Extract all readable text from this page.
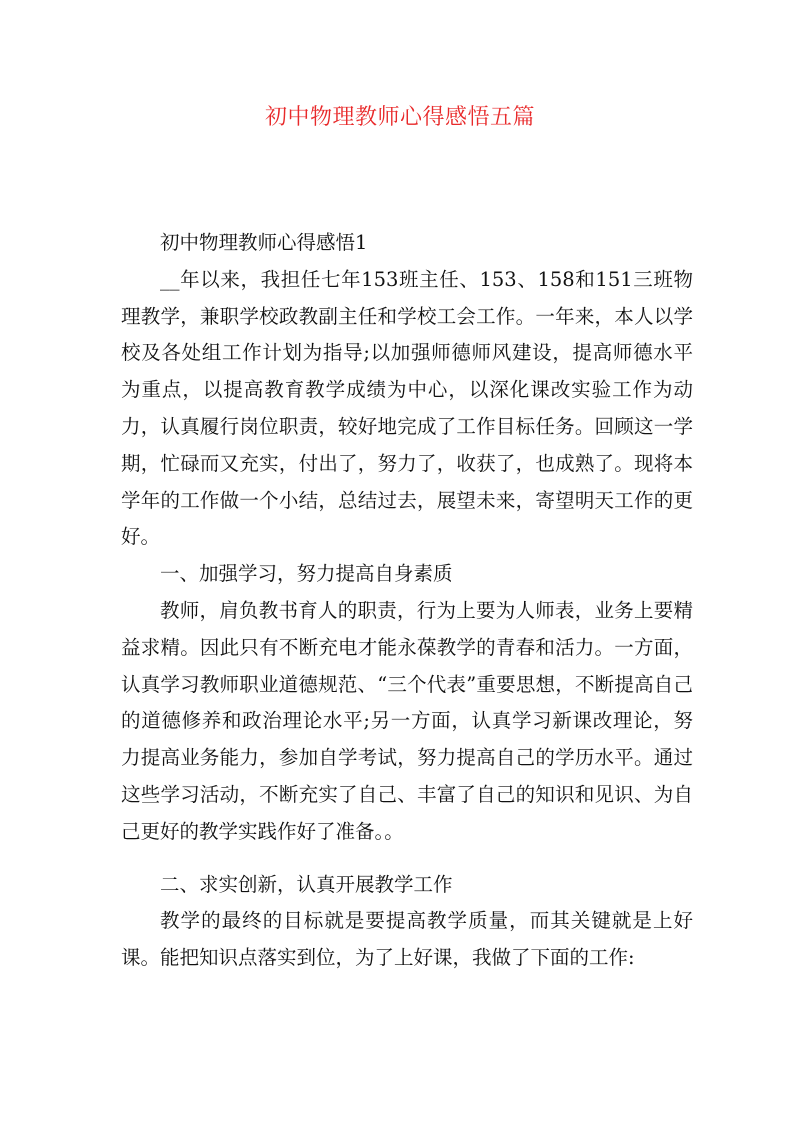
初中物理教师心得感悟五篇

初中物理教师心得感悟1

__年以来，我担任七年153班主任、153、158和151三班物理教学，兼职学校政教副主任和学校工会工作。一年来，本人以学校及各处组工作计划为指导;以加强师德师风建设，提高师德水平为重点，以提高教育教学成绩为中心，以深化课改实验工作为动力，认真履行岗位职责，较好地完成了工作目标任务。回顾这一学期，忙碌而又充实，付出了，努力了，收获了，也成熟了。现将本学年的工作做一个小结，总结过去，展望未来，寄望明天工作的更好。

一、加强学习，努力提高自身素质

教师，肩负教书育人的职责，行为上要为人师表，业务上要精益求精。因此只有不断充电才能永葆教学的青春和活力。一方面，认真学习教师职业道德规范、“三个代表”重要思想，不断提高自己的道德修养和政治理论水平;另一方面，认真学习新课改理论，努力提高业务能力，参加自学考试，努力提高自己的学历水平。通过这些学习活动，不断充实了自己、丰富了自己的知识和见识、为自己更好的教学实践作好了准备。。

二、求实创新，认真开展教学工作

教学的最终的目标就是要提高教学质量，而其关键就是上好课。能把知识点落实到位，为了上好课，我做了下面的工作:
